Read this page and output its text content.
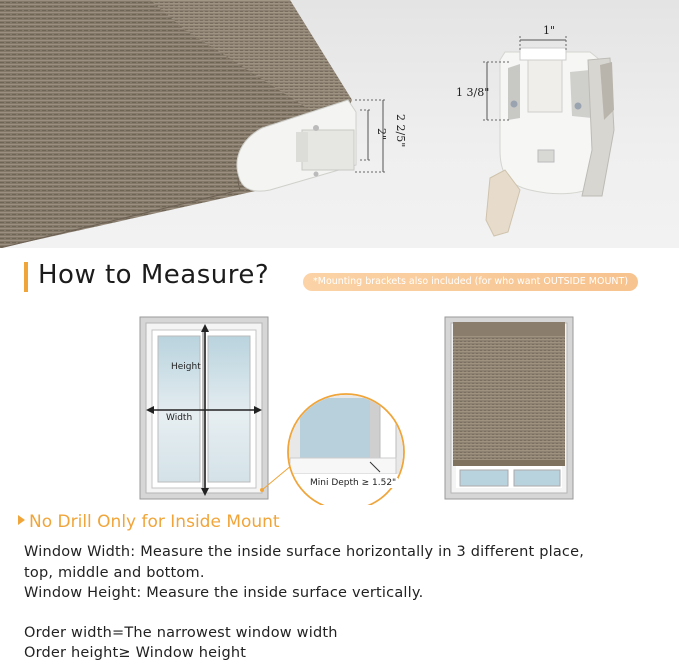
2 2/5"
2"
1"
1 3/8"
How to Measure?	*Mounting brackets also included (for who want OUTSIDE MOUNT)
Height
Width
Mini Depth ≥ 1.52"
No Drill Only for Inside Mount
Window Width: Measure the inside surface horizontally in 3 different place,
top, middle and bottom.
Window Height: Measure the inside surface vertically.
Order width=The narrowest window width
Order height≥ Window height
